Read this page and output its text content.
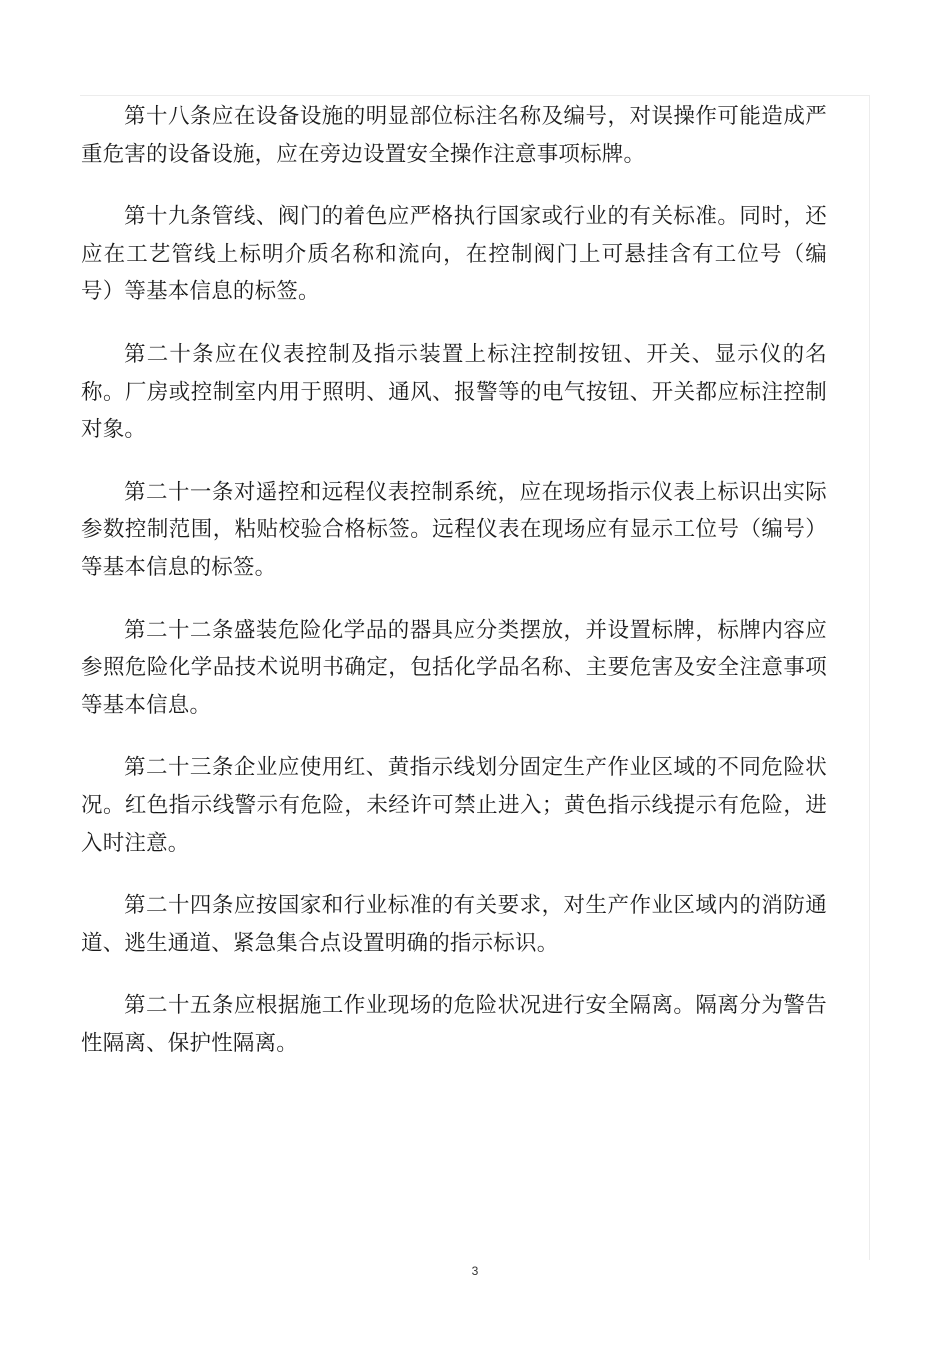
第十八条应在设备设施的明显部位标注名称及编号，对误操作可能造成严重危害的设备设施，应在旁边设置安全操作注意事项标牌。

第十九条管线、阀门的着色应严格执行国家或行业的有关标准。同时，还应在工艺管线上标明介质名称和流向，在控制阀门上可悬挂含有工位号（编号）等基本信息的标签。

第二十条应在仪表控制及指示装置上标注控制按钮、开关、显示仪的名称。厂房或控制室内用于照明、通风、报警等的电气按钮、开关都应标注控制对象。

第二十一条对遥控和远程仪表控制系统，应在现场指示仪表上标识出实际参数控制范围，粘贴校验合格标签。远程仪表在现场应有显示工位号（编号）等基本信息的标签。

第二十二条盛装危险化学品的器具应分类摆放，并设置标牌，标牌内容应参照危险化学品技术说明书确定，包括化学品名称、主要危害及安全注意事项等基本信息。

第二十三条企业应使用红、黄指示线划分固定生产作业区域的不同危险状况。红色指示线警示有危险，未经许可禁止进入；黄色指示线提示有危险，进入时注意。

第二十四条应按国家和行业标准的有关要求，对生产作业区域内的消防通道、逃生通道、紧急集合点设置明确的指示标识。

第二十五条应根据施工作业现场的危险状况进行安全隔离。隔离分为警告性隔离、保护性隔离。

3
